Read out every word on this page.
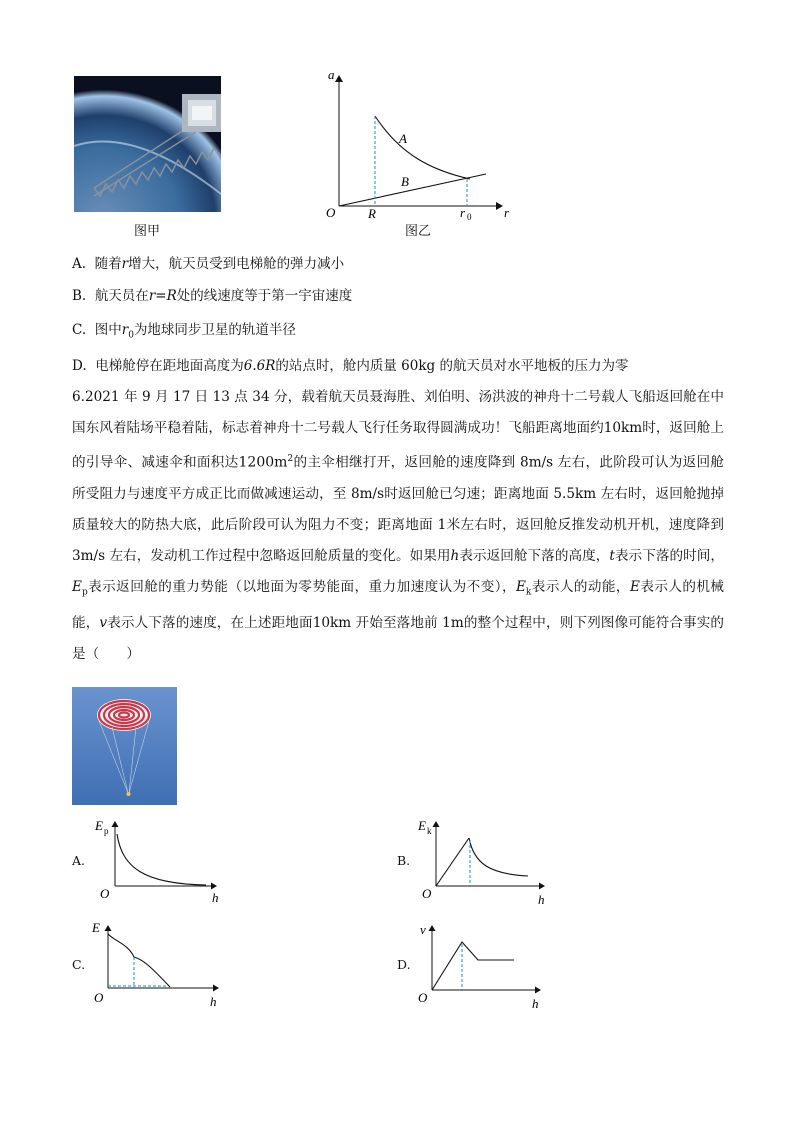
图甲
a
r
O	R	r 0
A
B
图乙
A. 随着r增大，航天员受到电梯舱的弹力减小
B. 航天员在r=R处的线速度等于第一宇宙速度
C. 图中$r_0$为地球同步卫星的轨道半径
D. 电梯舱停在距地面高度为6.6R的站点时，舱内质量 60kg 的航天员对水平地板的压力为零
6.2021 年 9 月 17 日 13 点 34 分，载着航天员聂海胜、刘伯明、汤洪波的神舟十二号载人飞船返回舱在中国东风着陆场平稳着陆，标志着神舟十二号载人飞行任务取得圆满成功！飞船距离地面约10km时，返回舱上的引导伞、减速伞和面积达$1200m^2$的主伞相继打开，返回舱的速度降到 8m/s 左右，此阶段可认为返回舱所受阻力与速度平方成正比而做减速运动，至 8m/s时返回舱已匀速；距离地面 5.5km 左右时，返回舱抛掉质量较大的防热大底，此后阶段可认为阻力不变；距离地面 1米左右时，返回舱反推发动机开机，速度降到 3m/s 左右，发动机工作过程中忽略返回舱质量的变化。如果用h表示返回舱下落的高度，t表示下落的时间，$E_p$表示返回舱的重力势能（以地面为零势能面，重力加速度认为不变），$E_k$表示人的动能，E表示人的机械能，v表示人下落的速度，在上述距地面10km 开始至落地前 1m的整个过程中，则下列图像可能符合事实的是（　　）
A.
E p
O	h
B.
E k
O	h
C.
E
O	h
D.
v
O	h
